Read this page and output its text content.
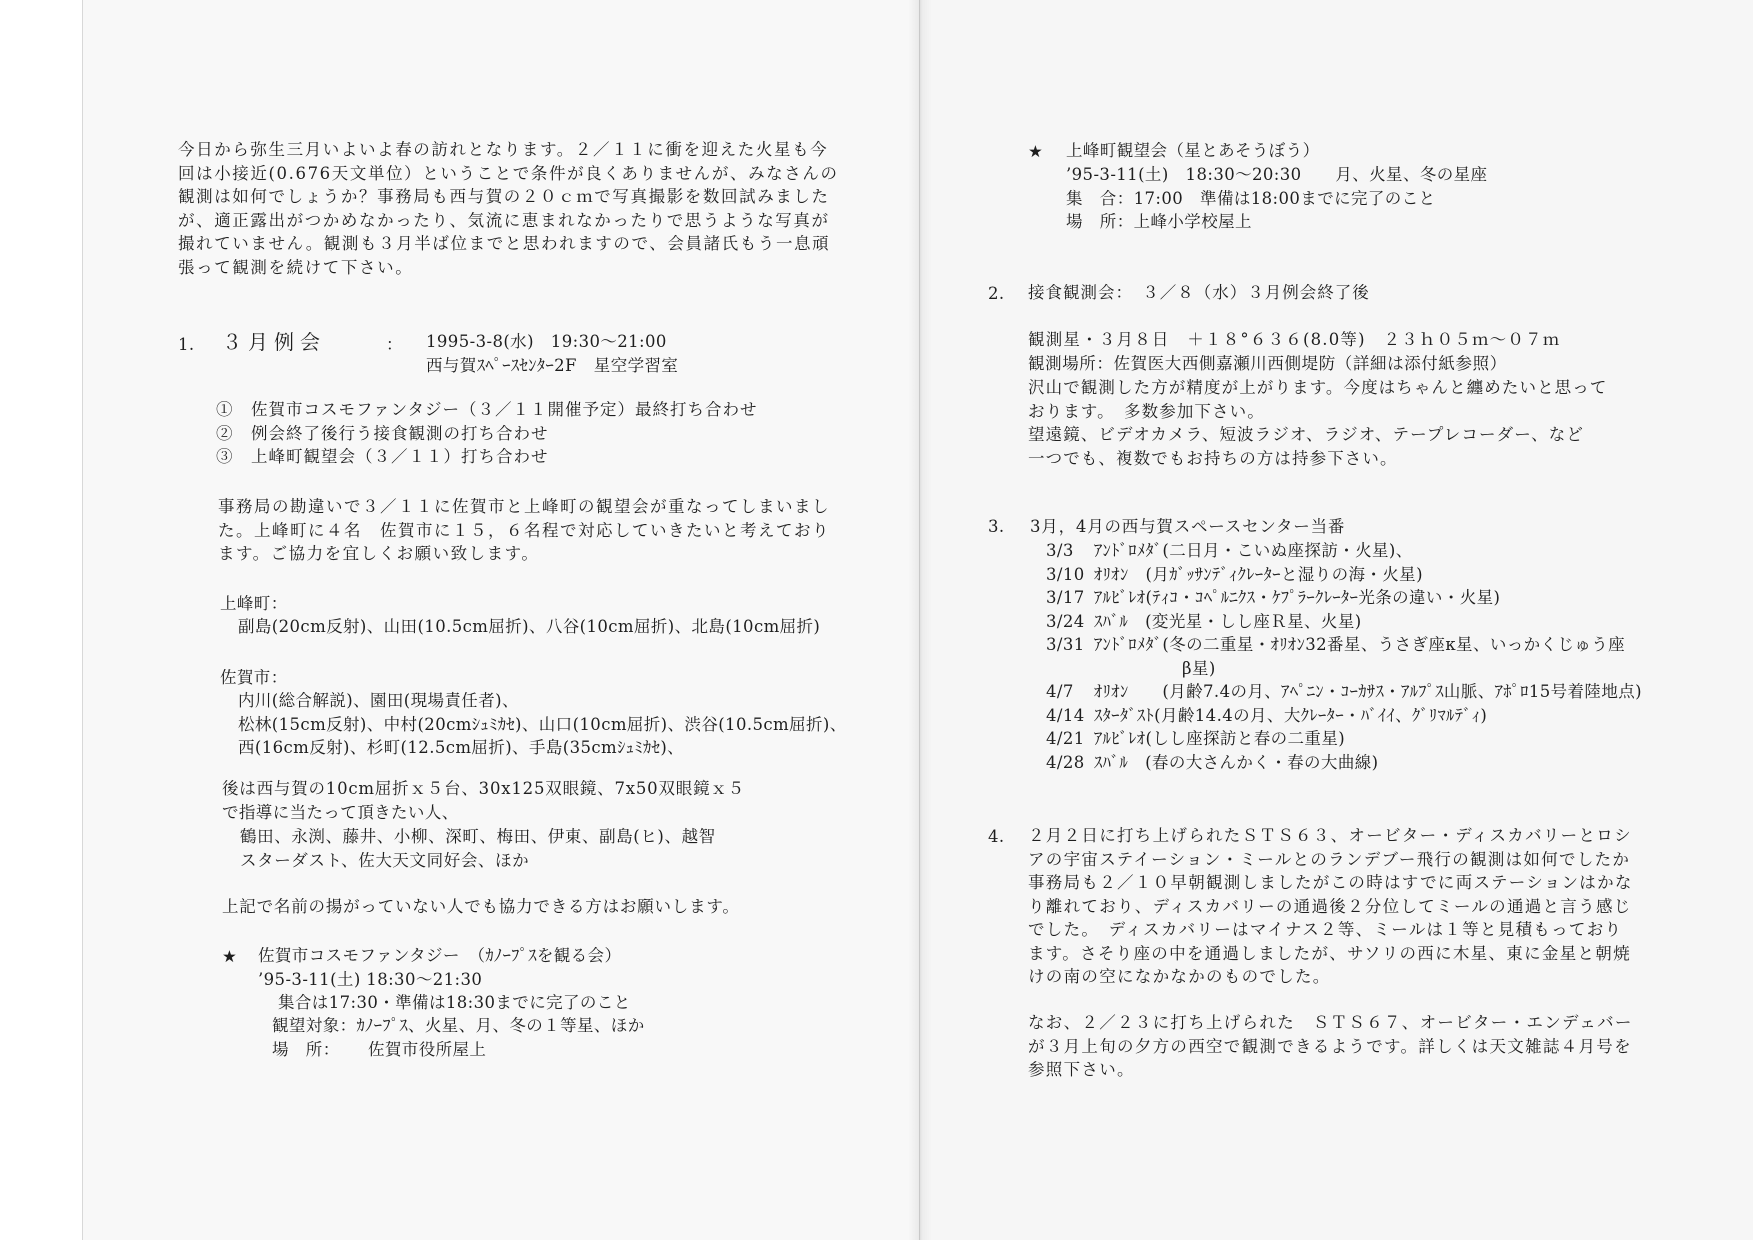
今日から弥生三月いよいよ春の訪れとなります。２／１１に衝を迎えた火星も今
回は小接近(0.676天文単位）ということで条件が良くありませんが、みなさんの
観測は如何でしょうか？事務局も西与賀の２０ｃｍで写真撮影を数回試みました
が、適正露出がつかめなかったり、気流に恵まれなかったりで思うような写真が
撮れていません。観測も３月半ば位までと思われますので、会員諸氏もう一息頑
張って観測を続けて下さい。
1. ３月例会	： 1995-3-8(水)　19:30〜21:00
西与賀ｽﾍﾟｰｽｾﾝﾀｰ2F　星空学習室
①　佐賀市コスモファンタジー（３／１１開催予定）最終打ち合わせ
②　例会終了後行う接食観測の打ち合わせ
③　上峰町観望会（３／１１）打ち合わせ
事務局の勘違いで３／１１に佐賀市と上峰町の観望会が重なってしまいまし
た。上峰町に４名　佐賀市に１５，６名程で対応していきたいと考えており
ます。ご協力を宜しくお願い致します。
上峰町：
副島(20cm反射)、山田(10.5cm屈折)、八谷(10cm屈折)、北島(10cm屈折)
佐賀市：
内川(総合解説)、園田(現場責任者)、
松林(15cm反射)、中村(20cmｼｭﾐｶｾ)、山口(10cm屈折)、渋谷(10.5cm屈折)、
西(16cm反射)、杉町(12.5cm屈折)、手島(35cmｼｭﾐｶｾ)、
後は西与賀の10cm屈折ｘ５台、30x125双眼鏡、7x50双眼鏡ｘ５
で指導に当たって頂きたい人、
鶴田、永渕、藤井、小柳、深町、梅田、伊東、副島(ヒ)、越智
スターダスト、佐大天文同好会、ほか
上記で名前の揚がっていない人でも協力できる方はお願いします。
★ 佐賀市コスモファンタジー　（ｶﾉｰﾌﾟｽを観る会）
’95-3-11(土) 18:30〜21:30
集合は17:30・準備は18:30までに完了のこと
観望対象：ｶﾉｰﾌﾟｽ、火星、月、冬の１等星、ほか
場　所： 佐賀市役所屋上
★ 上峰町観望会（星とあそうぼう）
’95-3-11(土)　18:30〜20:30　　月、火星、冬の星座
集　合：17:00　準備は18:00までに完了のこと
場　所：上峰小学校屋上
2. 接食観測会：　３／８（水）３月例会終了後
観測星・３月８日　＋１８°６３６(8.0等)　２３ｈ０５ｍ〜０７ｍ
観測場所：佐賀医大西側嘉瀬川西側堤防（詳細は添付紙参照）
沢山で観測した方が精度が上がります。今度はちゃんと纏めたいと思って
おります。　多数参加下さい。
望遠鏡、ビデオカメラ、短波ラジオ、ラジオ、テープレコーダー、など
一つでも、複数でもお持ちの方は持参下さい。
3. 3月，4月の西与賀スペースセンター当番
3/3 ｱﾝﾄﾞﾛﾒﾀﾞ(二日月・こいぬ座探訪・火星)、
3/10 ｵﾘｵﾝ　(月ｶﾞｯｻﾝﾃﾞｨｸﾚｰﾀｰと湿りの海・火星)
3/17 ｱﾙﾋﾞﾚｵ(ﾃｨｺ・ｺﾍﾟﾙﾆｸｽ・ｹﾌﾟﾗｰｸﾚｰﾀｰ光条の違い・火星)
3/24 ｽﾊﾞﾙ　(変光星・しし座Ｒ星、火星)
3/31 ｱﾝﾄﾞﾛﾒﾀﾞ(冬の二重星・ｵﾘｵﾝ32番星、うさぎ座κ星、いっかくじゅう座
β星)
4/7 ｵﾘｵﾝ　　(月齢7.4の月、ｱﾍﾟﾆﾝ・ｺｰｶｻｽ・ｱﾙﾌﾟｽ山脈、ｱﾎﾟﾛ15号着陸地点)
4/14 ｽﾀｰﾀﾞｽﾄ(月齢14.4の月、大ｸﾚｰﾀｰ・ﾊﾞｲｲ、ｸﾞﾘﾏﾙﾃﾞｨ)
4/21 ｱﾙﾋﾞﾚｵ(しし座探訪と春の二重星)
4/28 ｽﾊﾞﾙ　(春の大さんかく・春の大曲線)
4. ２月２日に打ち上げられたＳＴＳ６３、オービター・ディスカバリーとロシ
アの宇宙ステイーション・ミールとのランデブー飛行の観測は如何でしたか
事務局も２／１０早朝観測しましたがこの時はすでに両ステーションはかな
り離れており、ディスカバリーの通過後２分位してミールの通過と言う感じ
でした。　ディスカバリーはマイナス２等、ミールは１等と見積もっており
ます。さそり座の中を通過しましたが、サソリの西に木星、東に金星と朝焼
けの南の空になかなかのものでした。
なお、２／２３に打ち上げられた　ＳＴＳ６７、オービター・エンデェバー
が３月上旬の夕方の西空で観測できるようです。詳しくは天文雑誌４月号を
参照下さい。
